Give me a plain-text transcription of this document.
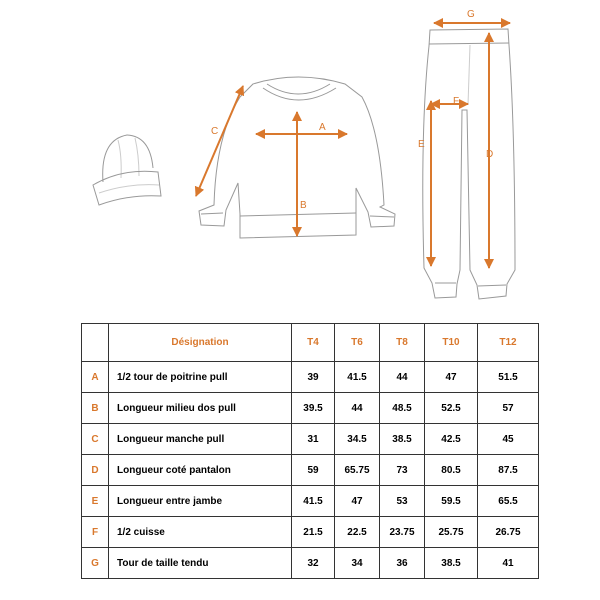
A
B
C
D
E
F
G
	Désignation	T4	T6	T8	T10	T12
A	1/2 tour de poitrine pull	39	41.5	44	47	51.5
B	Longueur milieu dos pull	39.5	44	48.5	52.5	57
C	Longueur manche pull	31	34.5	38.5	42.5	45
D	Longueur coté pantalon	59	65.75	73	80.5	87.5
E	Longueur entre jambe	41.5	47	53	59.5	65.5
F	1/2 cuisse	21.5	22.5	23.75	25.75	26.75
G	Tour de taille tendu	32	34	36	38.5	41
